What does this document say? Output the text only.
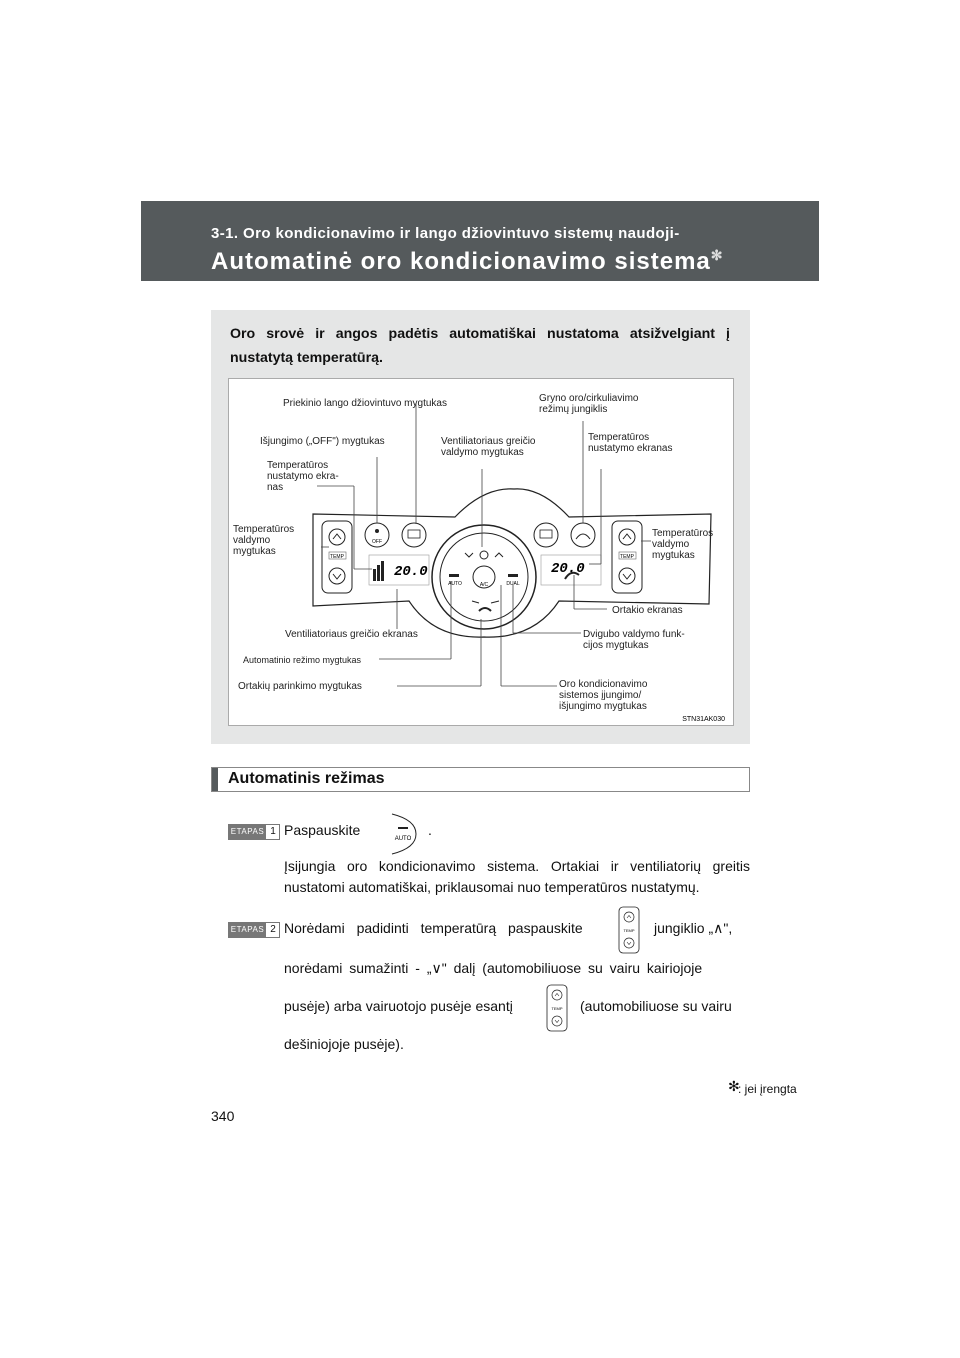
3-1. Oro kondicionavimo ir lango džiovintuvo sistemų naudoji-
Automatinė oro kondicionavimo sistema✻
Oro srovė ir angos padėtis automatiškai nustatoma atsižvelgiant į nustatytą temperatūrą.
OFF
TEMP	TEMP
20.0	20.0
AUTO	A/C	DUAL
STN31AK030
Priekinio lango džiovintuvo mygtukas	Gryno oro/cirkuliavimo
režimų jungiklis
Išjungimo („OFF") mygtukas	Ventiliatoriaus greičio
valdymo mygtukas
Temperatūros
nustatymo ekranas
Temperatūros
nustatymo ekra-
nas
Temperatūros
valdymo
mygtukas
Temperatūros
valdymo
mygtukas
Ortakio ekranas
Ventiliatoriaus greičio ekranas	Dvigubo valdymo funk-
cijos mygtukas
Automatinio režimo mygtukas
Ortakių parinkimo mygtukas	Oro kondicionavimo
sistemos įjungimo/
išjungimo mygtukas
Automatinis režimas
ETAPAS 1 Paspauskite
AUTO
.
Įsijungia oro kondicionavimo sistema. Ortakiai ir ventiliatorių greitis nustatomi automatiškai, priklausomai nuo temperatūros nustatymų.
ETAPAS 2 Norėdami padidinti temperatūrą paspauskite	TEMP jungiklio „∧",
norėdami sumažinti - „∨" dalį (automobiliuose su vairu kairiojoje
pusėje) arba vairuotojo pusėje esantį	TEMP (automobiliuose su vairu
dešiniojoje pusėje).
✻
: jei įrengta
340
